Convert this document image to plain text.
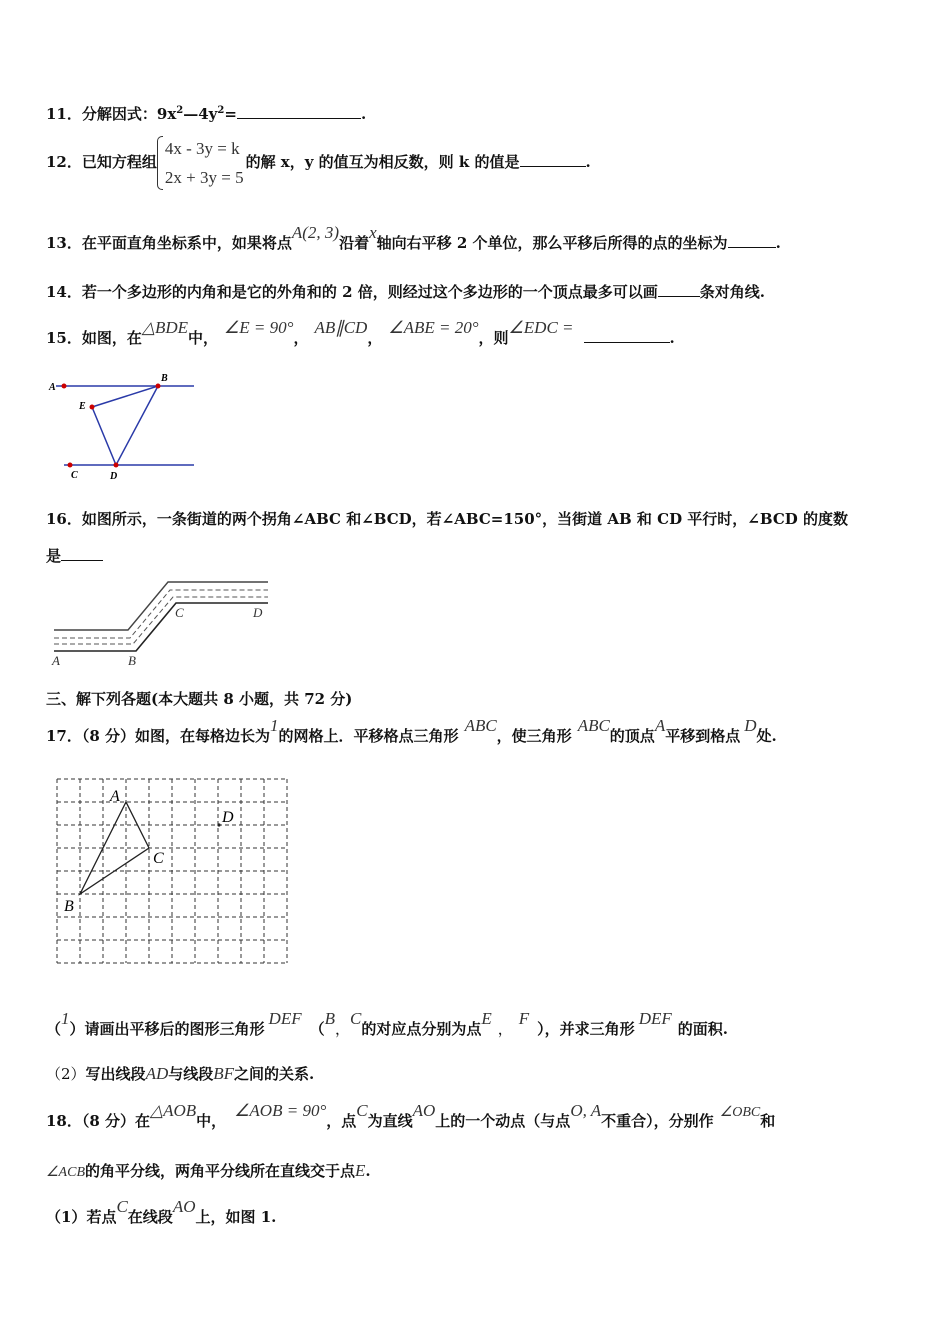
11．分解因式：$9x^2—4y^2=$	.
12．已知方程组
4x - 3y = k
2x + 3y = 5
的解 x，y 的值互为相反数，则 k 的值是	.
13．在平面直角坐标系中，如果将点A(2, 3)沿着x轴向右平移 2 个单位，那么平移后所得的点的坐标为	.
14．若一个多边形的内角和是它的外角和的 2 倍，则经过这个多边形的一个顶点最多可以画	条对角线.
15．如图，在△BDE中，∠E = 90°，AB∥CD，∠ABE = 20°，则∠EDC =.
A
B
E
C	D
16．如图所示，一条街道的两个拐角∠ABC 和∠BCD，若∠ABC=150°，当街道 AB 和 CD 平行时，∠BCD 的度数
是
A	B
C	D
三、解下列各题(本大题共 8 小题，共 72 分)
17．（8 分）如图，在每格边长为1的网格上．平移格点三角形ABC，使三角形ABC的顶点A平移到格点D处.
A
B
C
D
（1）请画出平移后的图形三角形DEF（B，C的对应点分别为点E，F），并求三角形DEF的面积.
（2）写出线段AD与线段BF之间的关系.
18．（8 分）在△AOB中，∠AOB = 90°，点C为直线AO上的一个动点（与点O, A不重合），分别作 ∠OBC和
∠ACB的角平分线，两角平分线所在直线交于点E.
（1）若点C在线段AO上，如图 1.
